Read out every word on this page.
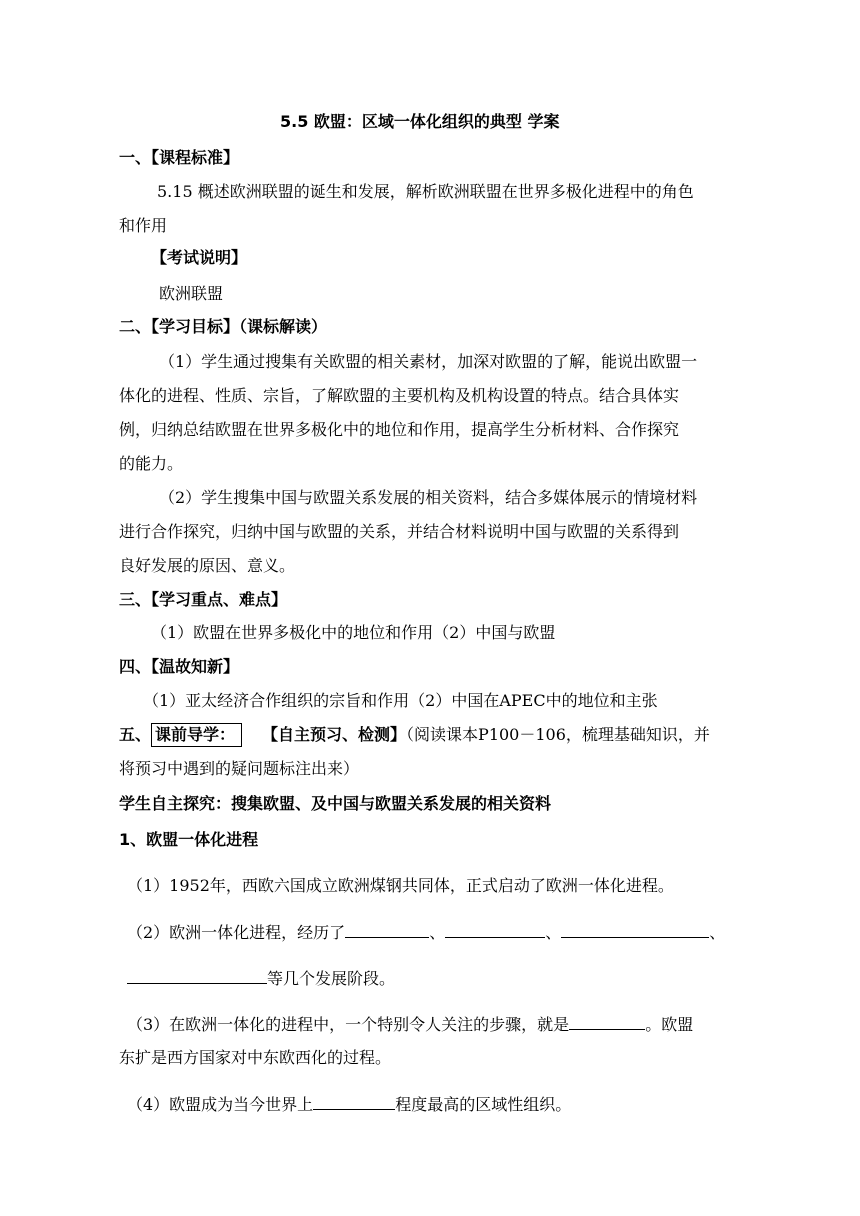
5.5 欧盟：区域一体化组织的典型 学案
一、【课程标准】
5.15 概述欧洲联盟的诞生和发展，解析欧洲联盟在世界多极化进程中的角色
和作用
【考试说明】
欧洲联盟
二、【学习目标】（课标解读）
（1）学生通过搜集有关欧盟的相关素材，加深对欧盟的了解，能说出欧盟一
体化的进程、性质、宗旨，了解欧盟的主要机构及机构设置的特点。结合具体实
例，归纳总结欧盟在世界多极化中的地位和作用，提高学生分析材料、合作探究
的能力。
（2）学生搜集中国与欧盟关系发展的相关资料，结合多媒体展示的情境材料
进行合作探究，归纳中国与欧盟的关系，并结合材料说明中国与欧盟的关系得到
良好发展的原因、意义。
三、【学习重点、难点】
（1）欧盟在世界多极化中的地位和作用（2）中国与欧盟
四、【温故知新】
（1）亚太经济合作组织的宗旨和作用（2）中国在APEC中的地位和主张
五、 课前导学： 【自主预习、检测】（阅读课本P100－106，梳理基础知识，并
将预习中遇到的疑问题标注出来）
学生自主探究：搜集欧盟、及中国与欧盟关系发展的相关资料
1、欧盟一体化进程
（1）1952年，西欧六国成立欧洲煤钢共同体，正式启动了欧洲一体化进程。
（2）欧洲一体化进程，经历了	、	、	、
等几个发展阶段。
（3）在欧洲一体化的进程中，一个特别令人关注的步骤，就是	。欧盟
东扩是西方国家对中东欧西化的过程。
（4）欧盟成为当今世界上	程度最高的区域性组织。
